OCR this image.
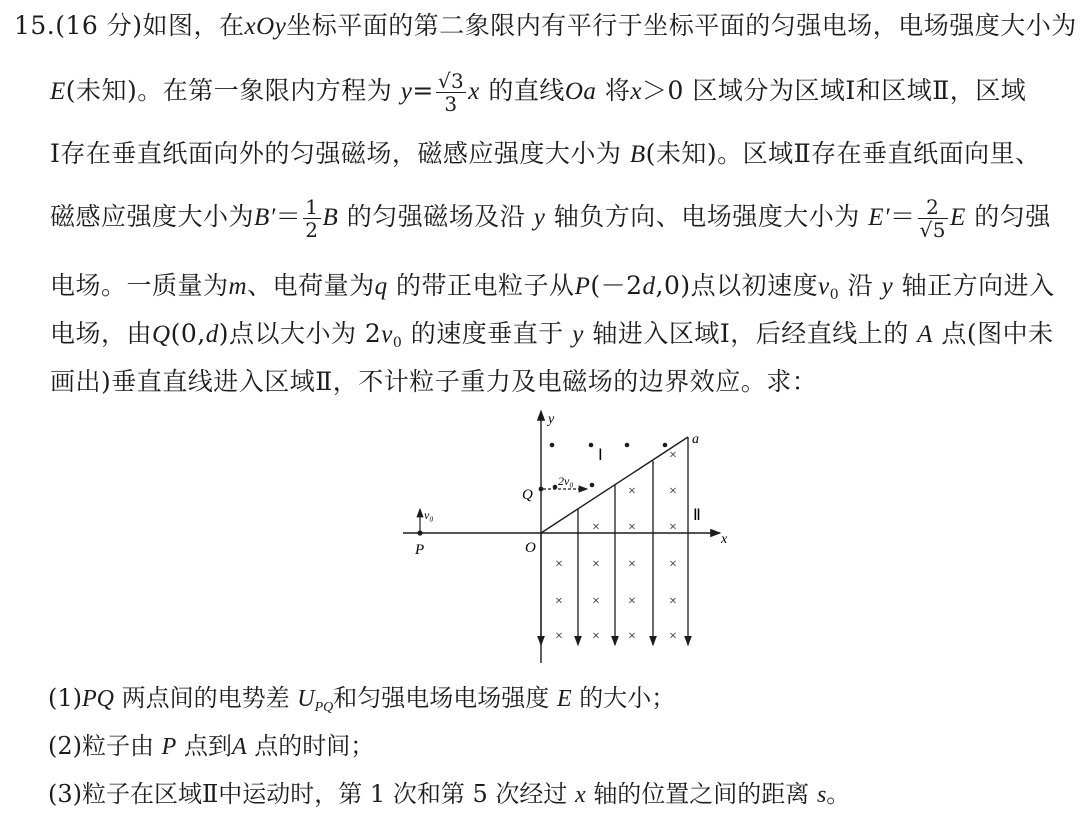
15.(16 分)如图，在xOy坐标平面的第二象限内有平行于坐标平面的匀强电场，电场强度大小为
E(未知)。在第一象限内方程为 $y= \frac{√3}{3}$ x 的直线Oa 将x＞0 区域分为区域Ⅰ和区域Ⅱ，区域
Ⅰ存在垂直纸面向外的匀强磁场，磁感应强度大小为 B(未知)。区域Ⅱ存在垂直纸面向里、
磁感应强度大小为$B'= \frac{1}{2}$ B 的匀强磁场及沿 y 轴负方向、电场强度大小为 $E'= \frac{2}{√5}$ E 的匀强
电场。一质量为m、电荷量为q 的带正电粒子从P(－2d,0)点以初速度$v_0$ 沿 y 轴正方向进入
电场，由Q(0,d)点以大小为 $2v_0$ 的速度垂直于 y 轴进入区域Ⅰ，后经直线上的 A 点(图中未
画出)垂直直线进入区域Ⅱ，不计粒子重力及电磁场的边界效应。求：
y
x
O
a
Ⅰ
Ⅱ
Q
2v₀
P
v₀
×
× ×
× × ×
× × × ×
× × × ×
× × × ×
(1)PQ 两点间的电势差 $U_{PQ}$和匀强电场电场强度 E 的大小；
(2)粒子由 P 点到A 点的时间；
(3)粒子在区域Ⅱ中运动时，第 1 次和第 5 次经过 x 轴的位置之间的距离 s。
